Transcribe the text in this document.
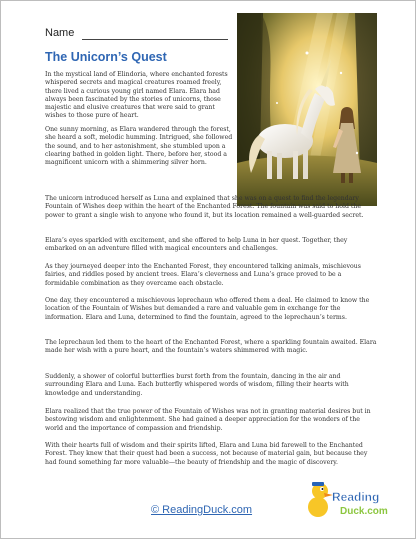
Name
The Unicorn’s Quest

In the mystical land of Elindoria, where enchanted forests whispered secrets and magical creatures roamed freely, there lived a curious young girl named Elara. Elara had always been fascinated by the stories of unicorns, those majestic and elusive creatures that were said to grant wishes to those pure of heart.

One sunny morning, as Elara wandered through the forest, she heard a soft, melodic humming. Intrigued, she followed the sound, and to her astonishment, she stumbled upon a clearing bathed in golden light. There, before her, stood a magnificent unicorn with a shimmering silver horn.

The unicorn introduced herself as Luna and explained that she was on a quest to find the legendary Fountain of Wishes deep within the heart of the Enchanted Forest. The fountain was said to hold the power to grant a single wish to anyone who found it, but its location remained a well-guarded secret.

Elara’s eyes sparkled with excitement, and she offered to help Luna in her quest. Together, they embarked on an adventure filled with magical encounters and challenges.

As they journeyed deeper into the Enchanted Forest, they encountered talking animals, mischievous fairies, and riddles posed by ancient trees. Elara’s cleverness and Luna’s grace proved to be a formidable combination as they overcame each obstacle.

One day, they encountered a mischievous leprechaun who offered them a deal. He claimed to know the location of the Fountain of Wishes but demanded a rare and valuable gem in exchange for the information. Elara and Luna, determined to find the fountain, agreed to the leprechaun’s terms.

The leprechaun led them to the heart of the Enchanted Forest, where a sparkling fountain awaited. Elara made her wish with a pure heart, and the fountain’s waters shimmered with magic.

Suddenly, a shower of colorful butterflies burst forth from the fountain, dancing in the air and surrounding Elara and Luna. Each butterfly whispered words of wisdom, filling their hearts with knowledge and understanding.

Elara realized that the true power of the Fountain of Wishes was not in granting material desires but in bestowing wisdom and enlightenment. She had gained a deeper appreciation for the wonders of the world and the importance of compassion and friendship.

With their hearts full of wisdom and their spirits lifted, Elara and Luna bid farewell to the Enchanted Forest. They knew that their quest had been a success, not because of material gain, but because they had found something far more valuable—the beauty of friendship and the magic of discovery.

© ReadingDuck.com
Reading
Duck.com
